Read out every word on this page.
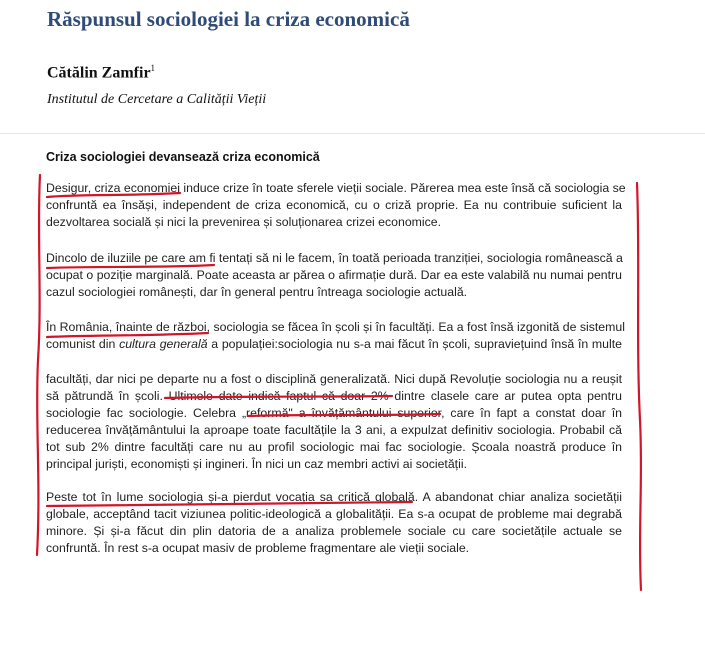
Răspunsul sociologiei la criza economică
Cătălin Zamfir$^1$
Institutul de Cercetare a Calității Vieții
Criza sociologiei devansează criza economică
Desigur, criza economiei induce crize în toate sferele vieții sociale. Părerea mea este însă că sociologia se
confruntă ea însăși, independent de criza economică, cu o criză proprie. Ea nu contribuie suficient la
dezvoltarea socială și nici la prevenirea și soluționarea crizei economice.
Dincolo de iluziile pe care am fi tentați să ni le facem, în toată perioada tranziției, sociologia românească a
ocupat o poziție marginală. Poate aceasta ar părea o afirmație dură. Dar ea este valabilă nu numai pentru
cazul sociologiei românești, dar în general pentru întreaga sociologie actuală.
În România, înainte de război, sociologia se făcea în școli și în facultăți. Ea a fost însă izgonită de sistemul
comunist din cultura generală a populației:sociologia nu s-a mai făcut în școli, supraviețuind însă în multe
facultăți, dar nici pe departe nu a fost o disciplină generalizată. Nici după Revoluție sociologia nu a reușit
să pătrundă în școli. Ultimele date indică faptul că doar 2% dintre clasele care ar putea opta pentru
sociologie fac sociologie. Celebra „reformă" a învățământului superior, care în fapt a constat doar în
reducerea învățământului la aproape toate facultățile la 3 ani, a expulzat definitiv sociologia. Probabil că
tot sub 2% dintre facultăți care nu au profil sociologic mai fac sociologie. Școala noastră produce în
principal juriști, economiști și ingineri. În nici un caz membri activi ai societății.
Peste tot în lume sociologia și-a pierdut vocația sa critică globală. A abandonat chiar analiza societății
globale, acceptând tacit viziunea politic-ideologică a globalității. Ea s-a ocupat de probleme mai degrabă
minore. Și și-a făcut din plin datoria de a analiza problemele sociale cu care societățile actuale se
confruntă. În rest s-a ocupat masiv de probleme fragmentare ale vieții sociale.
